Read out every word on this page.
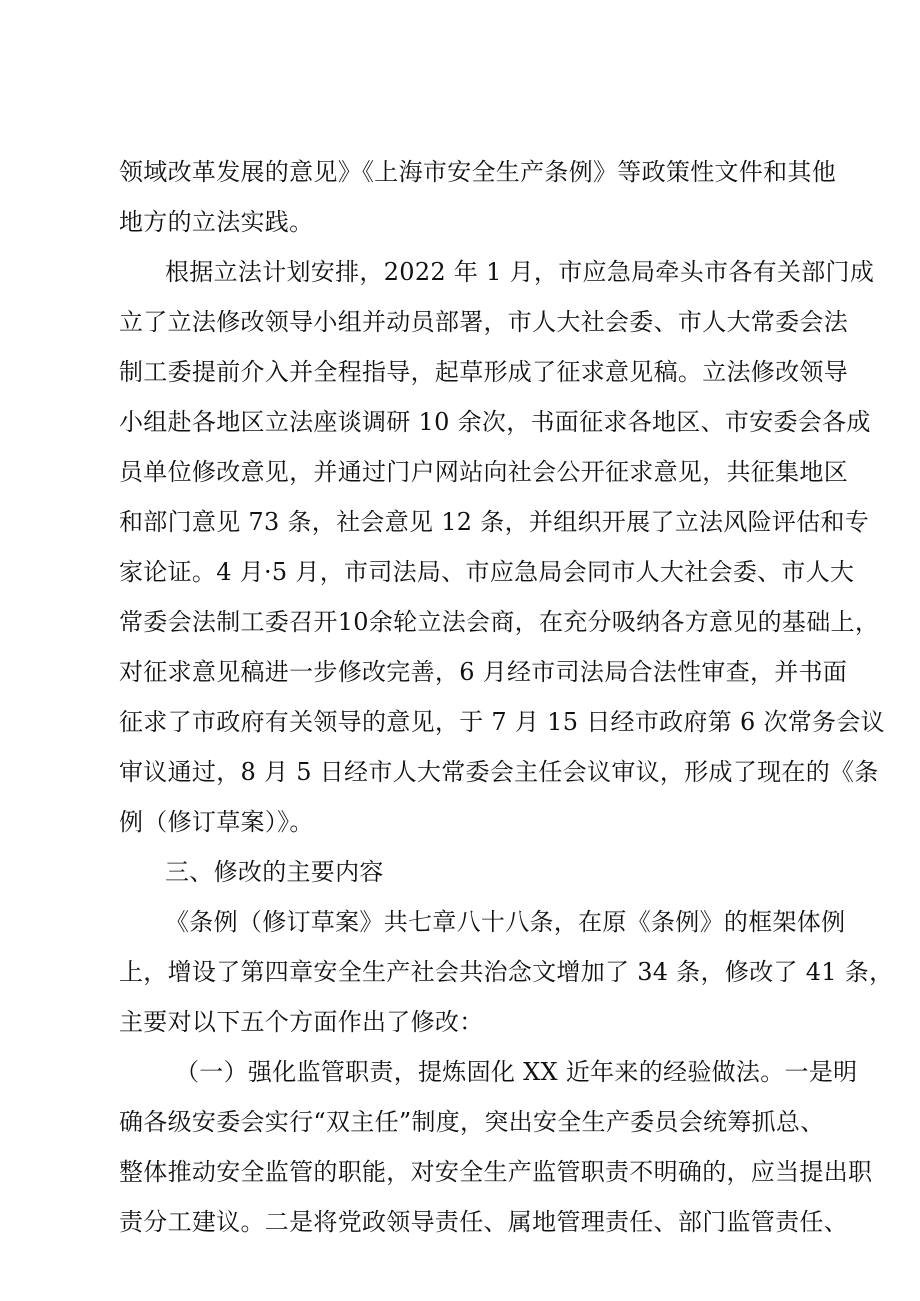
领域改革发展的意见》《上海市安全生产条例》等政策性文件和其他
地方的立法实践。
根据立法计划安排，2022 年 1 月，市应急局牵头市各有关部门成
立了立法修改领导小组并动员部署，市人大社会委、市人大常委会法
制工委提前介入并全程指导，起草形成了征求意见稿。立法修改领导
小组赴各地区立法座谈调研 10 余次，书面征求各地区、市安委会各成
员单位修改意见，并通过门户网站向社会公开征求意见，共征集地区
和部门意见 73 条，社会意见 12 条，并组织开展了立法风险评估和专
家论证。4 月·5 月，市司法局、市应急局会同市人大社会委、市人大
常委会法制工委召开10余轮立法会商，在充分吸纳各方意见的基础上，
对征求意见稿进一步修改完善，6 月经市司法局合法性审查，并书面
征求了市政府有关领导的意见，于 7 月 15 日经市政府第 6 次常务会议
审议通过，8 月 5 日经市人大常委会主任会议审议，形成了现在的《条
例（修订草案）》。
三、修改的主要内容
《条例（修订草案》共七章八十八条，在原《条例》的框架体例
上，增设了第四章安全生产社会共治念文增加了 34 条，修改了 41 条，
主要对以下五个方面作出了修改：
（一）强化监管职责，提炼固化 XX 近年来的经验做法。一是明
确各级安委会实行“双主任”制度，突出安全生产委员会统筹抓总、
整体推动安全监管的职能，对安全生产监管职责不明确的，应当提出职
责分工建议。二是将党政领导责任、属地管理责任、部门监管责任、
